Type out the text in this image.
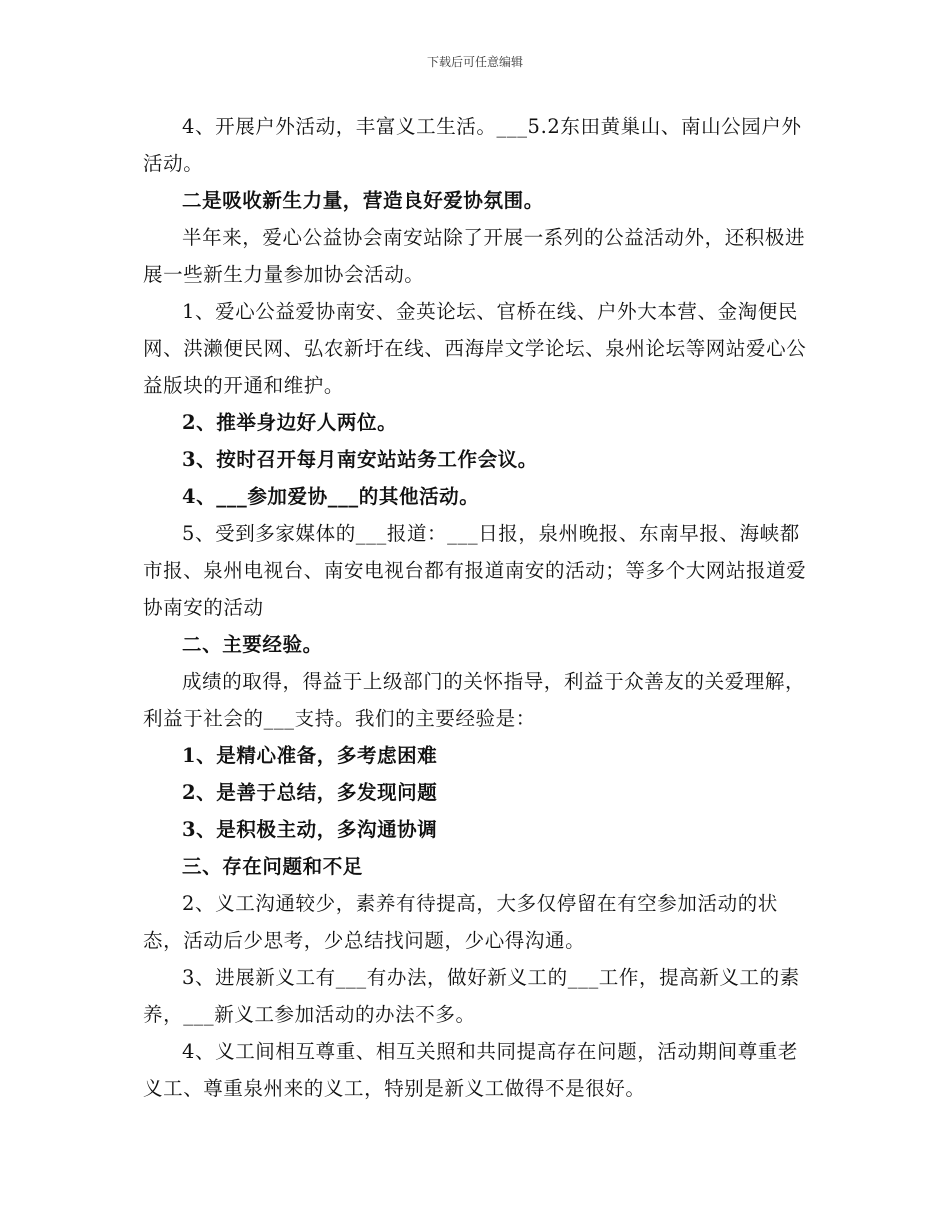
下载后可任意编辑

4、开展户外活动，丰富义工生活。___5.2东田黄巢山、南山公园户外活动。

二是吸收新生力量，营造良好爱协氛围。

半年来，爱心公益协会南安站除了开展一系列的公益活动外，还积极进展一些新生力量参加协会活动。

1、爱心公益爱协南安、金英论坛、官桥在线、户外大本营、金淘便民网、洪濑便民网、弘农新圩在线、西海岸文学论坛、泉州论坛等网站爱心公益版块的开通和维护。

2、推举身边好人两位。

3、按时召开每月南安站站务工作会议。

4、___参加爱协___的其他活动。

5、受到多家媒体的___报道：___日报，泉州晚报、东南早报、海峡都市报、泉州电视台、南安电视台都有报道南安的活动；等多个大网站报道爱协南安的活动

二、主要经验。

成绩的取得，得益于上级部门的关怀指导，利益于众善友的关爱理解，利益于社会的___支持。我们的主要经验是：

1、是精心准备，多考虑困难

2、是善于总结，多发现问题

3、是积极主动，多沟通协调

三、存在问题和不足

2、义工沟通较少，素养有待提高，大多仅停留在有空参加活动的状态，活动后少思考，少总结找问题，少心得沟通。

3、进展新义工有___有办法，做好新义工的___工作，提高新义工的素养，___新义工参加活动的办法不多。

4、义工间相互尊重、相互关照和共同提高存在问题，活动期间尊重老义工、尊重泉州来的义工，特别是新义工做得不是很好。
